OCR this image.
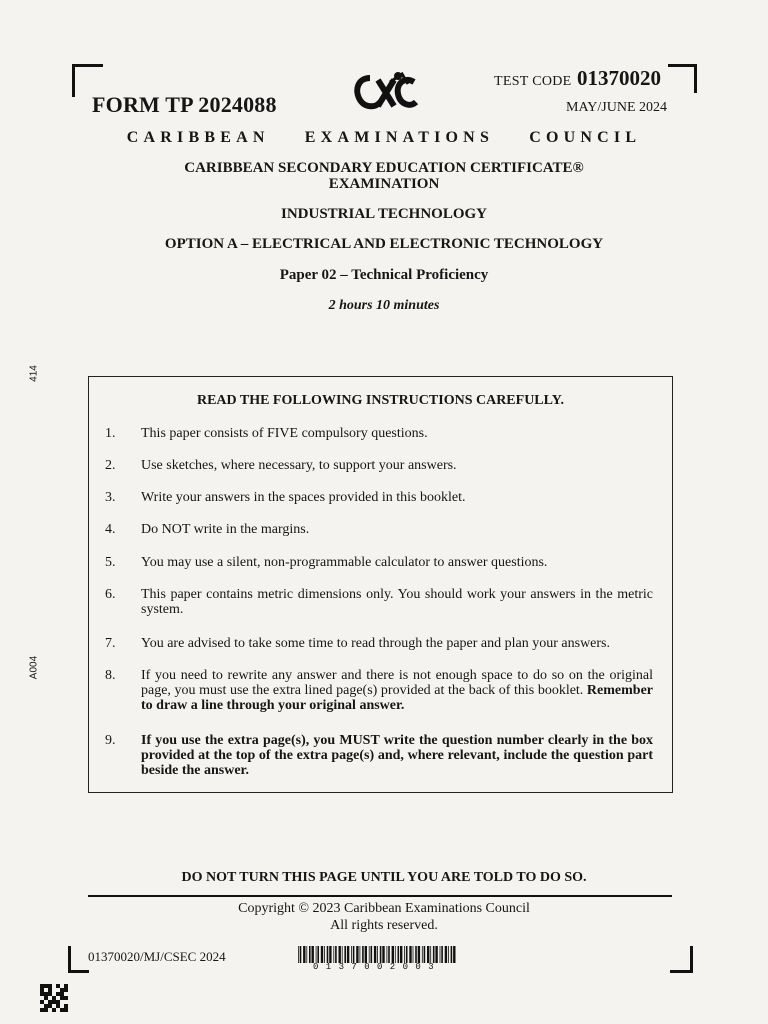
FORM TP 2024088
TEST CODE 01370020
MAY/JUNE 2024
CARIBBEAN EXAMINATIONS COUNCIL
CARIBBEAN SECONDARY EDUCATION CERTIFICATE®
EXAMINATION
INDUSTRIAL TECHNOLOGY
OPTION A – ELECTRICAL AND ELECTRONIC TECHNOLOGY
Paper 02 – Technical Proficiency
2 hours 10 minutes
414
A004
READ THE FOLLOWING INSTRUCTIONS CAREFULLY.
1.	This paper consists of FIVE compulsory questions.
2.	Use sketches, where necessary, to support your answers.
3.	Write your answers in the spaces provided in this booklet.
4.	Do NOT write in the margins.
5.	You may use a silent, non-programmable calculator to answer questions.
6.	This paper contains metric dimensions only. You should work your answers in the metric system.
7.	You are advised to take some time to read through the paper and plan your answers.
8.	If you need to rewrite any answer and there is not enough space to do so on the original page, you must use the extra lined page(s) provided at the back of this booklet. Remember to draw a line through your original answer.
9.	If you use the extra page(s), you MUST write the question number clearly in the box provided at the top of the extra page(s) and, where relevant, include the question part beside the answer.
DO NOT TURN THIS PAGE UNTIL YOU ARE TOLD TO DO SO.
Copyright © 2023 Caribbean Examinations Council
All rights reserved.
01370020/MJ/CSEC 2024
0137002003
